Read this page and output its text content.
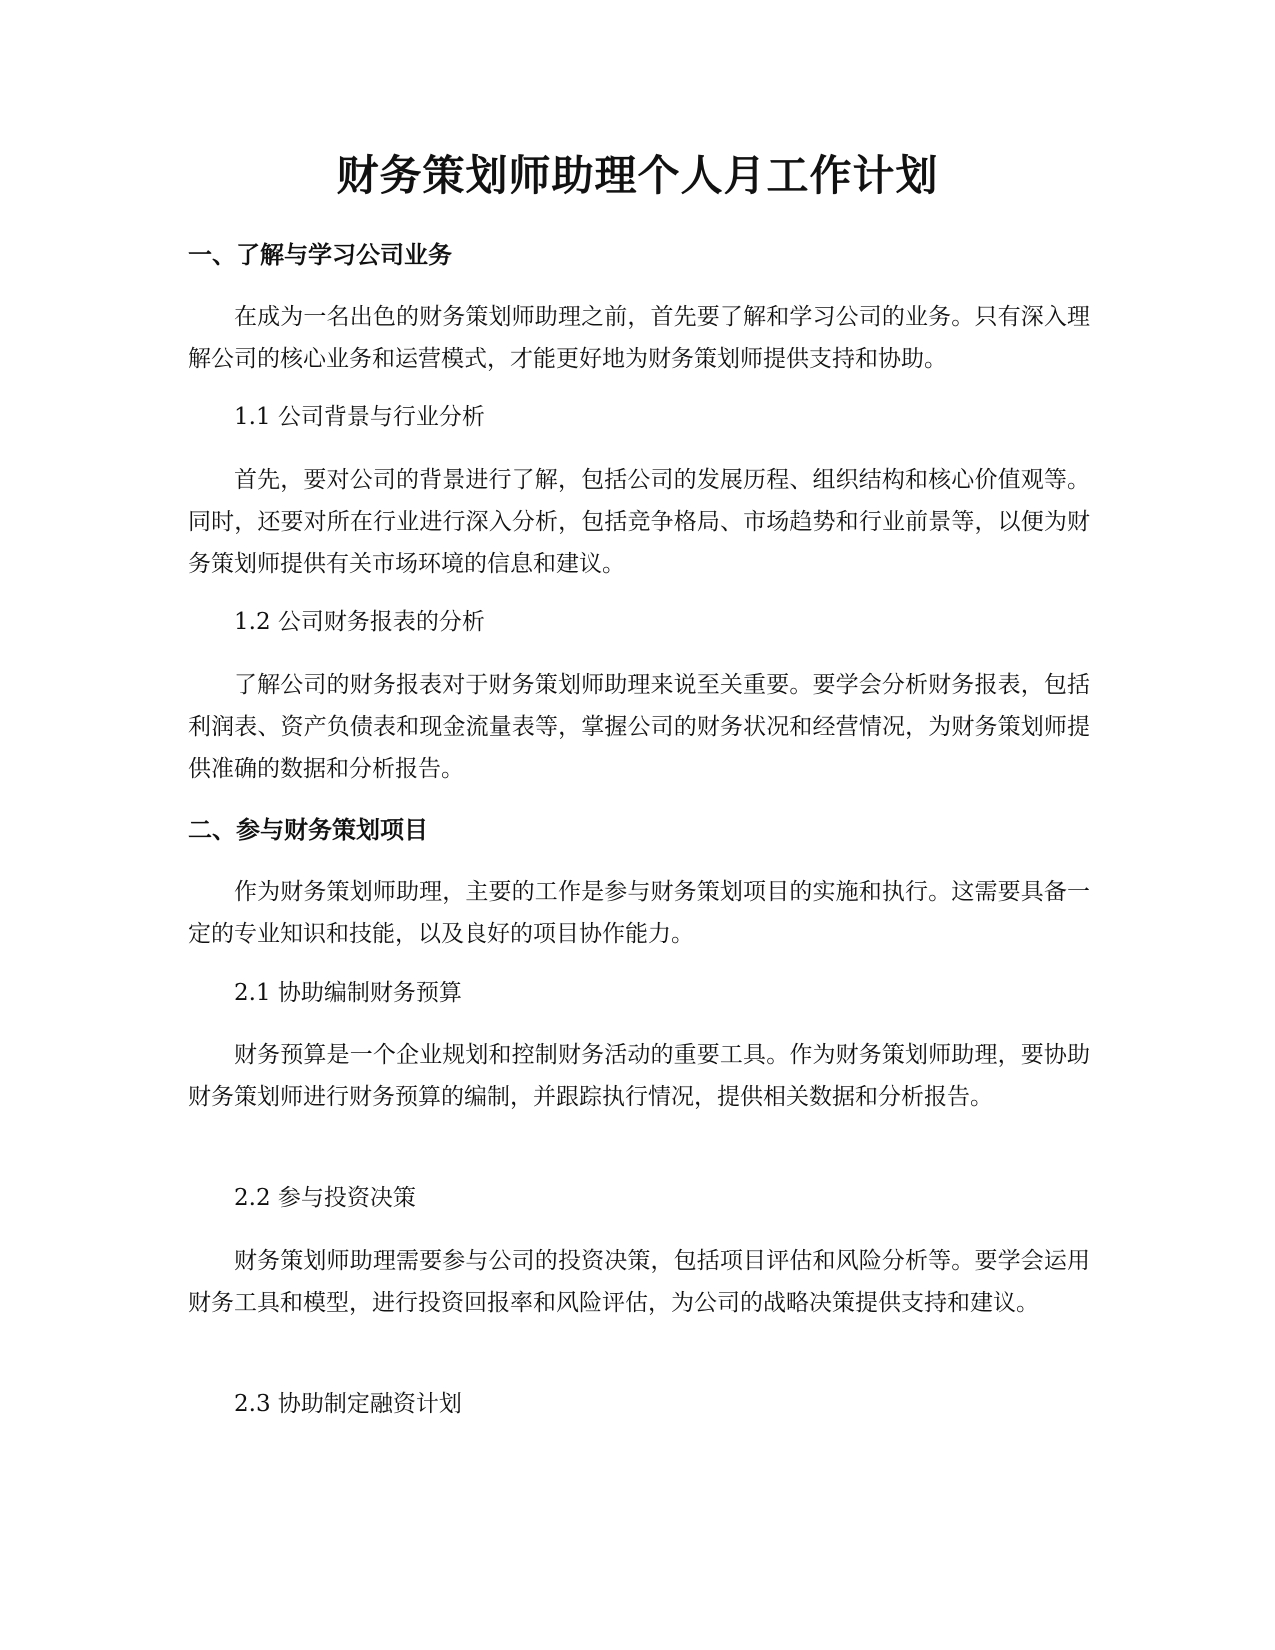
财务策划师助理个人月工作计划
一、了解与学习公司业务

在成为一名出色的财务策划师助理之前，首先要了解和学习公司的业务。只有深入理解公司的核心业务和运营模式，才能更好地为财务策划师提供支持和协助。

1.1 公司背景与行业分析

首先，要对公司的背景进行了解，包括公司的发展历程、组织结构和核心价值观等。同时，还要对所在行业进行深入分析，包括竞争格局、市场趋势和行业前景等，以便为财务策划师提供有关市场环境的信息和建议。

1.2 公司财务报表的分析

了解公司的财务报表对于财务策划师助理来说至关重要。要学会分析财务报表，包括利润表、资产负债表和现金流量表等，掌握公司的财务状况和经营情况，为财务策划师提供准确的数据和分析报告。

二、参与财务策划项目

作为财务策划师助理，主要的工作是参与财务策划项目的实施和执行。这需要具备一定的专业知识和技能，以及良好的项目协作能力。

2.1 协助编制财务预算

财务预算是一个企业规划和控制财务活动的重要工具。作为财务策划师助理，要协助财务策划师进行财务预算的编制，并跟踪执行情况，提供相关数据和分析报告。

2.2 参与投资决策

财务策划师助理需要参与公司的投资决策，包括项目评估和风险分析等。要学会运用财务工具和模型，进行投资回报率和风险评估，为公司的战略决策提供支持和建议。

2.3 协助制定融资计划
